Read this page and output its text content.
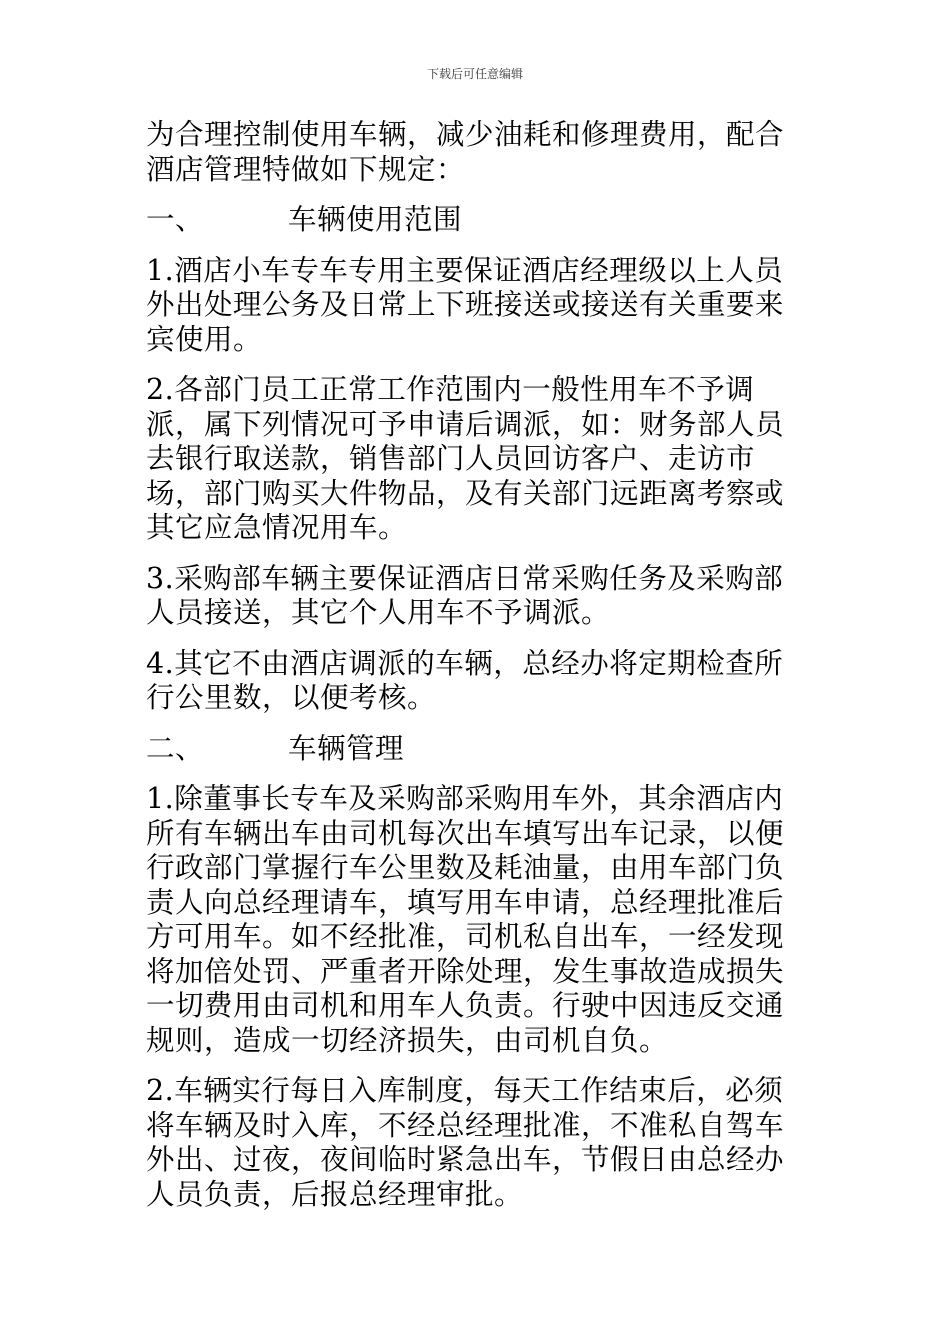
下载后可任意编辑

为合理控制使用车辆，减少油耗和修理费用，配合酒店管理特做如下规定：

一、	车辆使用范围

1.酒店小车专车专用主要保证酒店经理级以上人员外出处理公务及日常上下班接送或接送有关重要来宾使用。

2.各部门员工正常工作范围内一般性用车不予调派，属下列情况可予申请后调派，如：财务部人员去银行取送款，销售部门人员回访客户、走访市场，部门购买大件物品，及有关部门远距离考察或其它应急情况用车。

3.采购部车辆主要保证酒店日常采购任务及采购部人员接送，其它个人用车不予调派。

4.其它不由酒店调派的车辆，总经办将定期检查所行公里数，以便考核。

二、	车辆管理

1.除董事长专车及采购部采购用车外，其余酒店内所有车辆出车由司机每次出车填写出车记录，以便行政部门掌握行车公里数及耗油量，由用车部门负责人向总经理请车，填写用车申请，总经理批准后方可用车。如不经批准，司机私自出车，一经发现将加倍处罚、严重者开除处理，发生事故造成损失一切费用由司机和用车人负责。行驶中因违反交通规则，造成一切经济损失，由司机自负。

2.车辆实行每日入库制度，每天工作结束后，必须将车辆及时入库，不经总经理批准，不准私自驾车外出、过夜，夜间临时紧急出车，节假日由总经办人员负责，后报总经理审批。
